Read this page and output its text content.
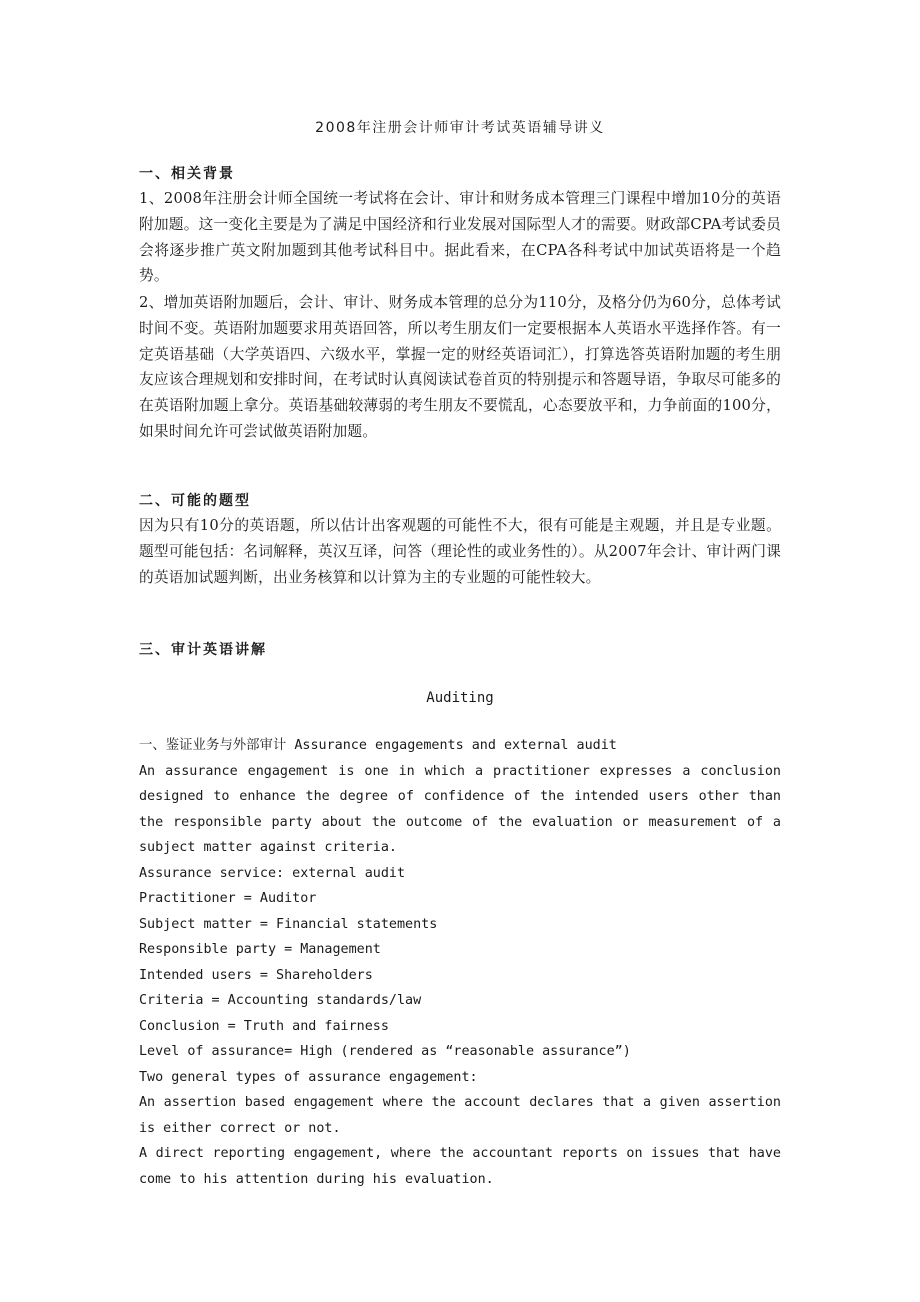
2008年注册会计师审计考试英语辅导讲义
一、相关背景
1、2008年注册会计师全国统一考试将在会计、审计和财务成本管理三门课程中增加10分的英语附加题。这一变化主要是为了满足中国经济和行业发展对国际型人才的需要。财政部CPA考试委员会将逐步推广英文附加题到其他考试科目中。据此看来，在CPA各科考试中加试英语将是一个趋势。
2、增加英语附加题后，会计、审计、财务成本管理的总分为110分，及格分仍为60分，总体考试时间不变。英语附加题要求用英语回答，所以考生朋友们一定要根据本人英语水平选择作答。有一定英语基础（大学英语四、六级水平，掌握一定的财经英语词汇），打算选答英语附加题的考生朋友应该合理规划和安排时间，在考试时认真阅读试卷首页的特别提示和答题导语，争取尽可能多的在英语附加题上拿分。英语基础较薄弱的考生朋友不要慌乱，心态要放平和，力争前面的100分，如果时间允许可尝试做英语附加题。
二、可能的题型
因为只有10分的英语题，所以估计出客观题的可能性不大，很有可能是主观题，并且是专业题。题型可能包括：名词解释，英汉互译，问答（理论性的或业务性的）。从2007年会计、审计两门课的英语加试题判断，出业务核算和以计算为主的专业题的可能性较大。
三、审计英语讲解
Auditing
一、鉴证业务与外部审计 Assurance engagements and external audit
An assurance engagement is one in which a practitioner expresses a conclusion designed to enhance the degree of confidence of the intended users other than the responsible party about the outcome of the evaluation or measurement of a subject matter against criteria.
Assurance service: external audit
Practitioner = Auditor
Subject matter = Financial statements
Responsible party = Management
Intended users = Shareholders
Criteria = Accounting standards/law
Conclusion = Truth and fairness
Level of assurance= High (rendered as “reasonable assurance”)
Two general types of assurance engagement:
An assertion based engagement where the account declares that a given assertion is either correct or not.
A direct reporting engagement, where the accountant reports on issues that have come to his attention during his evaluation.
